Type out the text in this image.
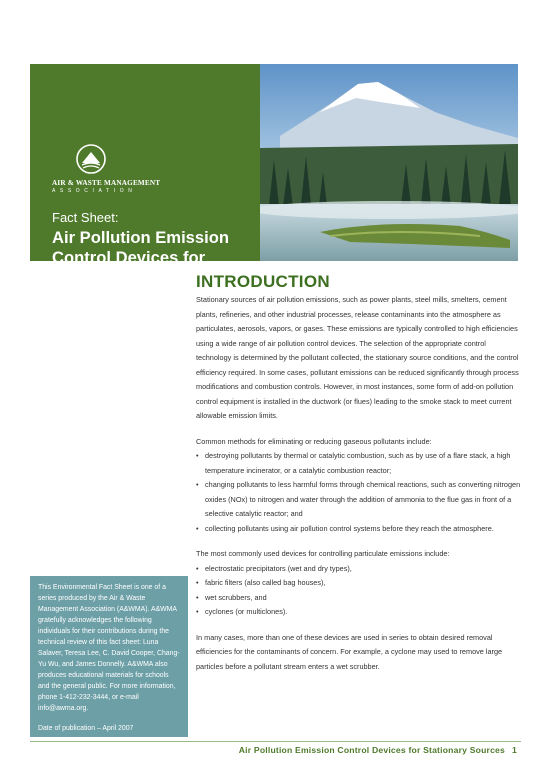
AIR & WASTE MANAGEMENT
ASSOCIATION
Fact Sheet:
Air Pollution Emission Control Devices for Stationary Sources
INTRODUCTION

Stationary sources of air pollution emissions, such as power plants, steel mills, smelters, cement plants, refineries, and other industrial processes, release contaminants into the atmosphere as particulates, aerosols, vapors, or gases. These emissions are typically controlled to high efficiencies using a wide range of air pollution control devices. The selection of the appropriate control technology is determined by the pollutant collected, the stationary source conditions, and the control efficiency required. In some cases, pollutant emissions can be reduced significantly through process modifications and combustion controls. However, in most instances, some form of add-on pollution control equipment is installed in the ductwork (or flues) leading to the smoke stack to meet current allowable emission limits.

Common methods for eliminating or reducing gaseous pollutants include:

• destroying pollutants by thermal or catalytic combustion, such as by use of a flare stack, a high temperature incinerator, or a catalytic combustion reactor;
• changing pollutants to less harmful forms through chemical reactions, such as converting nitrogen oxides (NOx) to nitrogen and water through the addition of ammonia to the flue gas in front of a selective catalytic reactor; and
• collecting pollutants using air pollution control systems before they reach the atmosphere.

The most commonly used devices for controlling particulate emissions include:

• electrostatic precipitators (wet and dry types),
• fabric filters (also called bag houses),
• wet scrubbers, and
• cyclones (or multiclones).

In many cases, more than one of these devices are used in series to obtain desired removal efficiencies for the contaminants of concern. For example, a cyclone may used to remove large particles before a pollutant stream enters a wet scrubber.

This Environmental Fact Sheet is one of a series produced by the Air & Waste Management Association (A&WMA). A&WMA gratefully acknowledges the following individuals for their contributions during the technical review of this fact sheet: Luna Salaver, Teresa Lee, C. David Cooper, Chang-Yu Wu, and James Donnelly. A&WMA also produces educational materials for schools and the general public. For more information, phone 1-412-232-3444, or e-mail info@awma.org.
Date of publication – April 2007
Air Pollution Emission Control Devices for Stationary Sources 1
